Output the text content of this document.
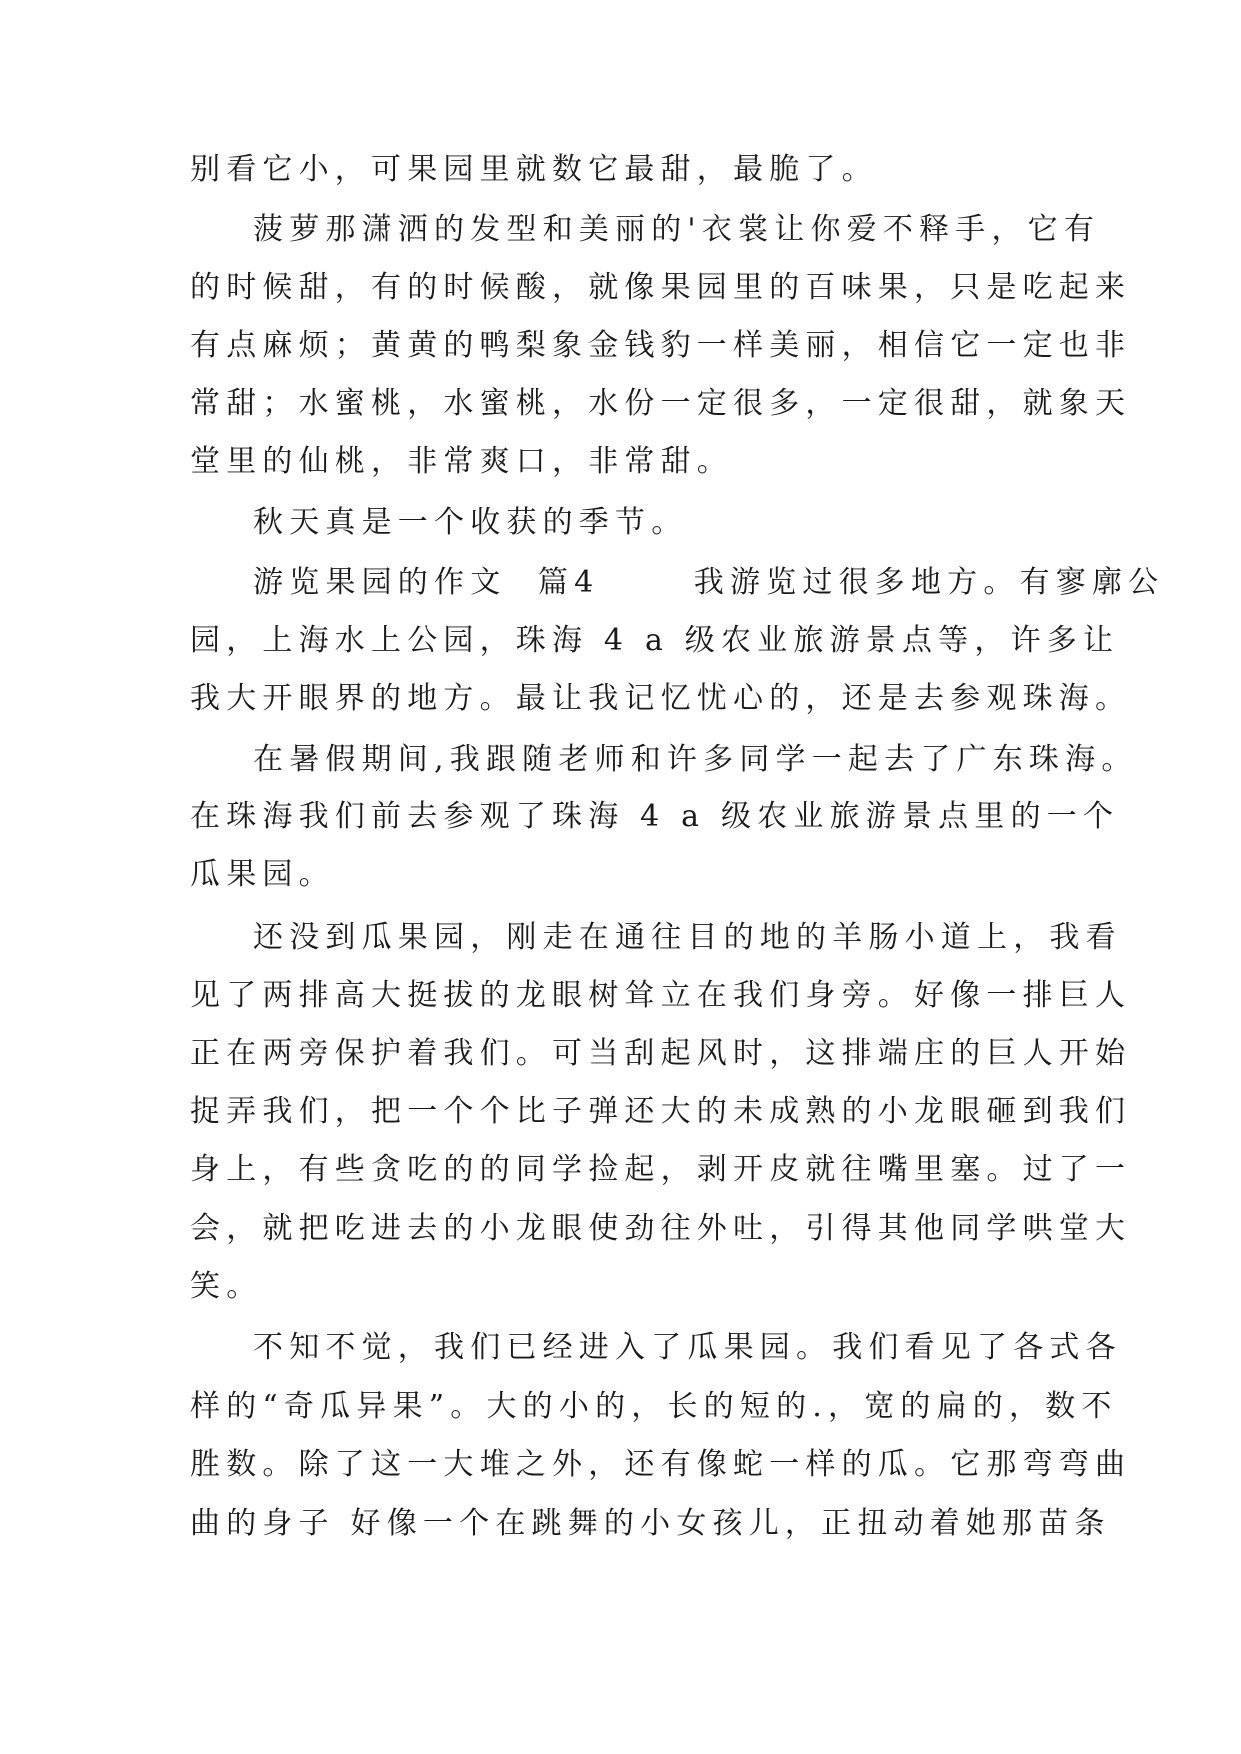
别看它小，可果园里就数它最甜，最脆了。
菠萝那潇洒的发型和美丽的'衣裳让你爱不释手，它有
的时候甜，有的时候酸，就像果园里的百味果，只是吃起来
有点麻烦；黄黄的鸭梨象金钱豹一样美丽，相信它一定也非
常甜；水蜜桃，水蜜桃，水份一定很多，一定很甜，就象天
堂里的仙桃，非常爽口，非常甜。
秋天真是一个收获的季节。
游览果园的作文  篇4      我游览过很多地方。有寥廓公
园，上海水上公园，珠海 4 a 级农业旅游景点等，许多让
我大开眼界的地方。最让我记忆忧心的，还是去参观珠海。
在暑假期间,我跟随老师和许多同学一起去了广东珠海。
在珠海我们前去参观了珠海 4 a 级农业旅游景点里的一个
瓜果园。
还没到瓜果园，刚走在通往目的地的羊肠小道上，我看
见了两排高大挺拔的龙眼树耸立在我们身旁。好像一排巨人
正在两旁保护着我们。可当刮起风时，这排端庄的巨人开始
捉弄我们，把一个个比子弹还大的未成熟的小龙眼砸到我们
身上，有些贪吃的的同学捡起，剥开皮就往嘴里塞。过了一
会，就把吃进去的小龙眼使劲往外吐，引得其他同学哄堂大
笑。
不知不觉，我们已经进入了瓜果园。我们看见了各式各
样的“奇瓜异果”。大的小的，长的短的.，宽的扁的，数不
胜数。除了这一大堆之外，还有像蛇一样的瓜。它那弯弯曲
曲的身子 好像一个在跳舞的小女孩儿，正扭动着她那苗条
